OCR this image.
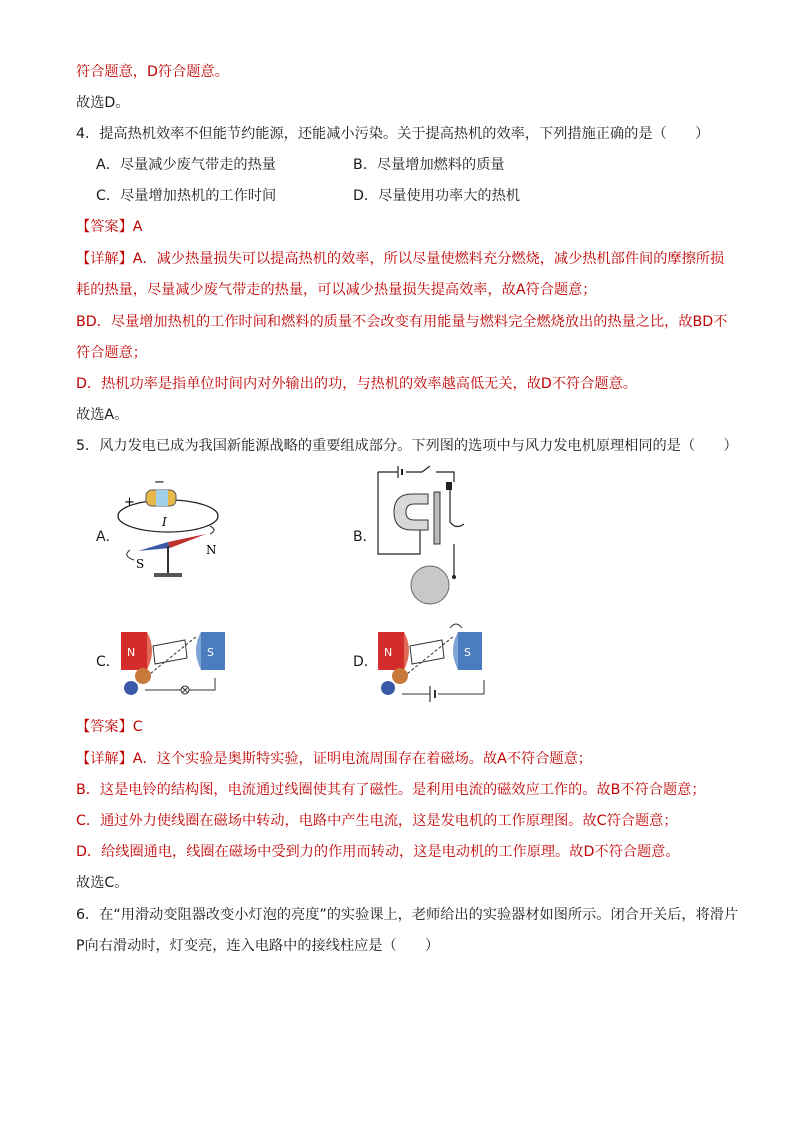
符合题意，D符合题意。
故选D。
4．提高热机效率不但能节约能源，还能减小污染。关于提高热机的效率，下列措施正确的是（　　）
A．尽量减少废气带走的热量	B．尽量增加燃料的质量
C．尽量增加热机的工作时间	D．尽量使用功率大的热机
【答案】A
【详解】A．减少热量损失可以提高热机的效率，所以尽量使燃料充分燃烧，减少热机部件间的摩擦所损
耗的热量，尽量减少废气带走的热量，可以减少热量损失提高效率，故A符合题意；
BD．尽量增加热机的工作时间和燃料的质量不会改变有用能量与燃料完全燃烧放出的热量之比，故BD不
符合题意；
D．热机功率是指单位时间内对外输出的功，与热机的效率越高低无关，故D不符合题意。
故选A。
5．风力发电已成为我国新能源战略的重要组成部分。下列图的选项中与风力发电机原理相同的是（　　）
A．
+
−
I
S
N
B．
C．
N	S
D．
N	S
【答案】C
【详解】A．这个实验是奥斯特实验，证明电流周围存在着磁场。故A不符合题意；
B．这是电铃的结构图，电流通过线圈使其有了磁性。是利用电流的磁效应工作的。故B不符合题意；
C．通过外力使线圈在磁场中转动，电路中产生电流，这是发电机的工作原理图。故C符合题意；
D．给线圈通电，线圈在磁场中受到力的作用而转动，这是电动机的工作原理。故D不符合题意。
故选C。
6．在“用滑动变阻器改变小灯泡的亮度”的实验课上，老师给出的实验器材如图所示。闭合开关后，将滑片
P向右滑动时，灯变亮，连入电路中的接线柱应是（　　）
